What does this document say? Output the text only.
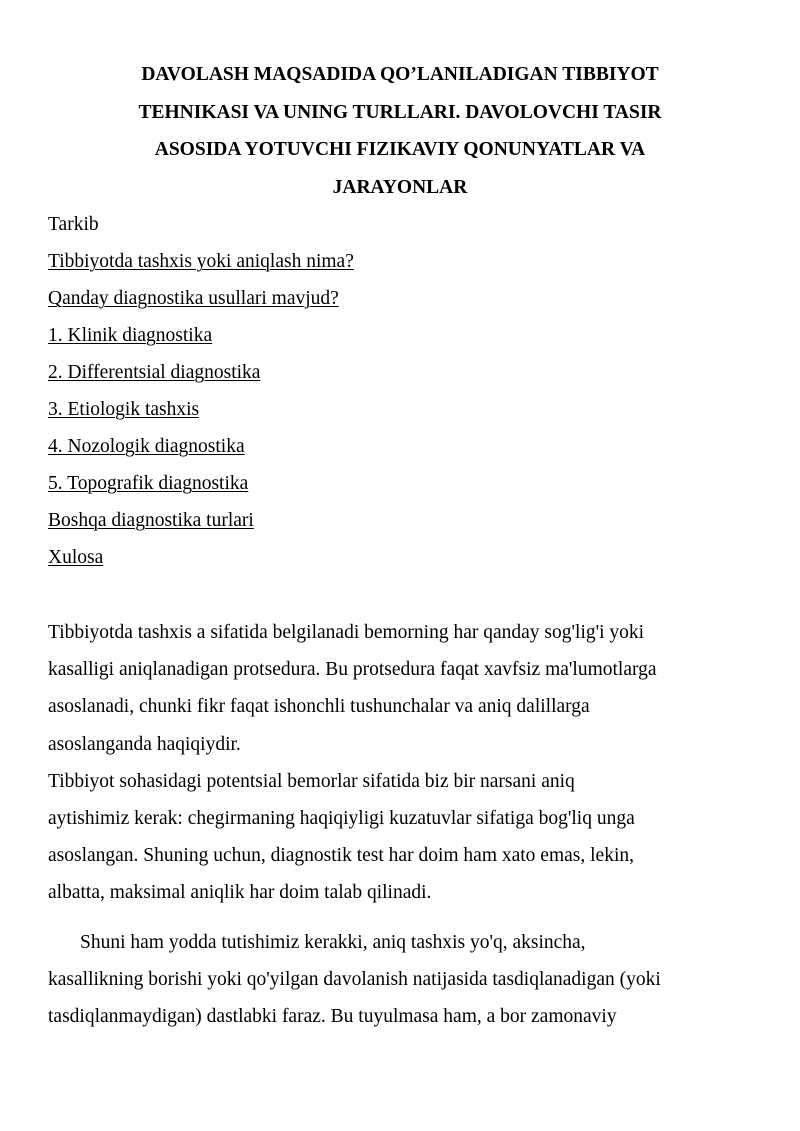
DAVOLASH MAQSADIDA QO’LANILADIGAN TIBBIYOT
TEHNIKASI VA UNING TURLLARI. DAVOLOVCHI TASIR
ASOSIDA YOTUVCHI FIZIKAVIY QONUNYATLAR VA
JARAYONLAR
Tarkib
Tibbiyotda tashxis yoki aniqlash nima?
Qanday diagnostika usullari mavjud?
1. Klinik diagnostika
2. Differentsial diagnostika
3. Etiologik tashxis
4. Nozologik diagnostika
5. Topografik diagnostika
Boshqa diagnostika turlari
Xulosa

Tibbiyotda tashxis a sifatida belgilanadi bemorning har qanday sog'lig'i yoki
kasalligi aniqlanadigan protsedura. Bu protsedura faqat xavfsiz ma'lumotlarga
asoslanadi, chunki fikr faqat ishonchli tushunchalar va aniq dalillarga
asoslanganda haqiqiydir.

Tibbiyot sohasidagi potentsial bemorlar sifatida biz bir narsani aniq
aytishimiz kerak: chegirmaning haqiqiyligi kuzatuvlar sifatiga bog'liq unga
asoslangan. Shuning uchun, diagnostik test har doim ham xato emas, lekin,
albatta, maksimal aniqlik har doim talab qilinadi.

Shuni ham yodda tutishimiz kerakki, aniq tashxis yo'q, aksincha,
kasallikning borishi yoki qo'yilgan davolanish natijasida tasdiqlanadigan (yoki
tasdiqlanmaydigan) dastlabki faraz. Bu tuyulmasa ham, a bor zamonaviy
